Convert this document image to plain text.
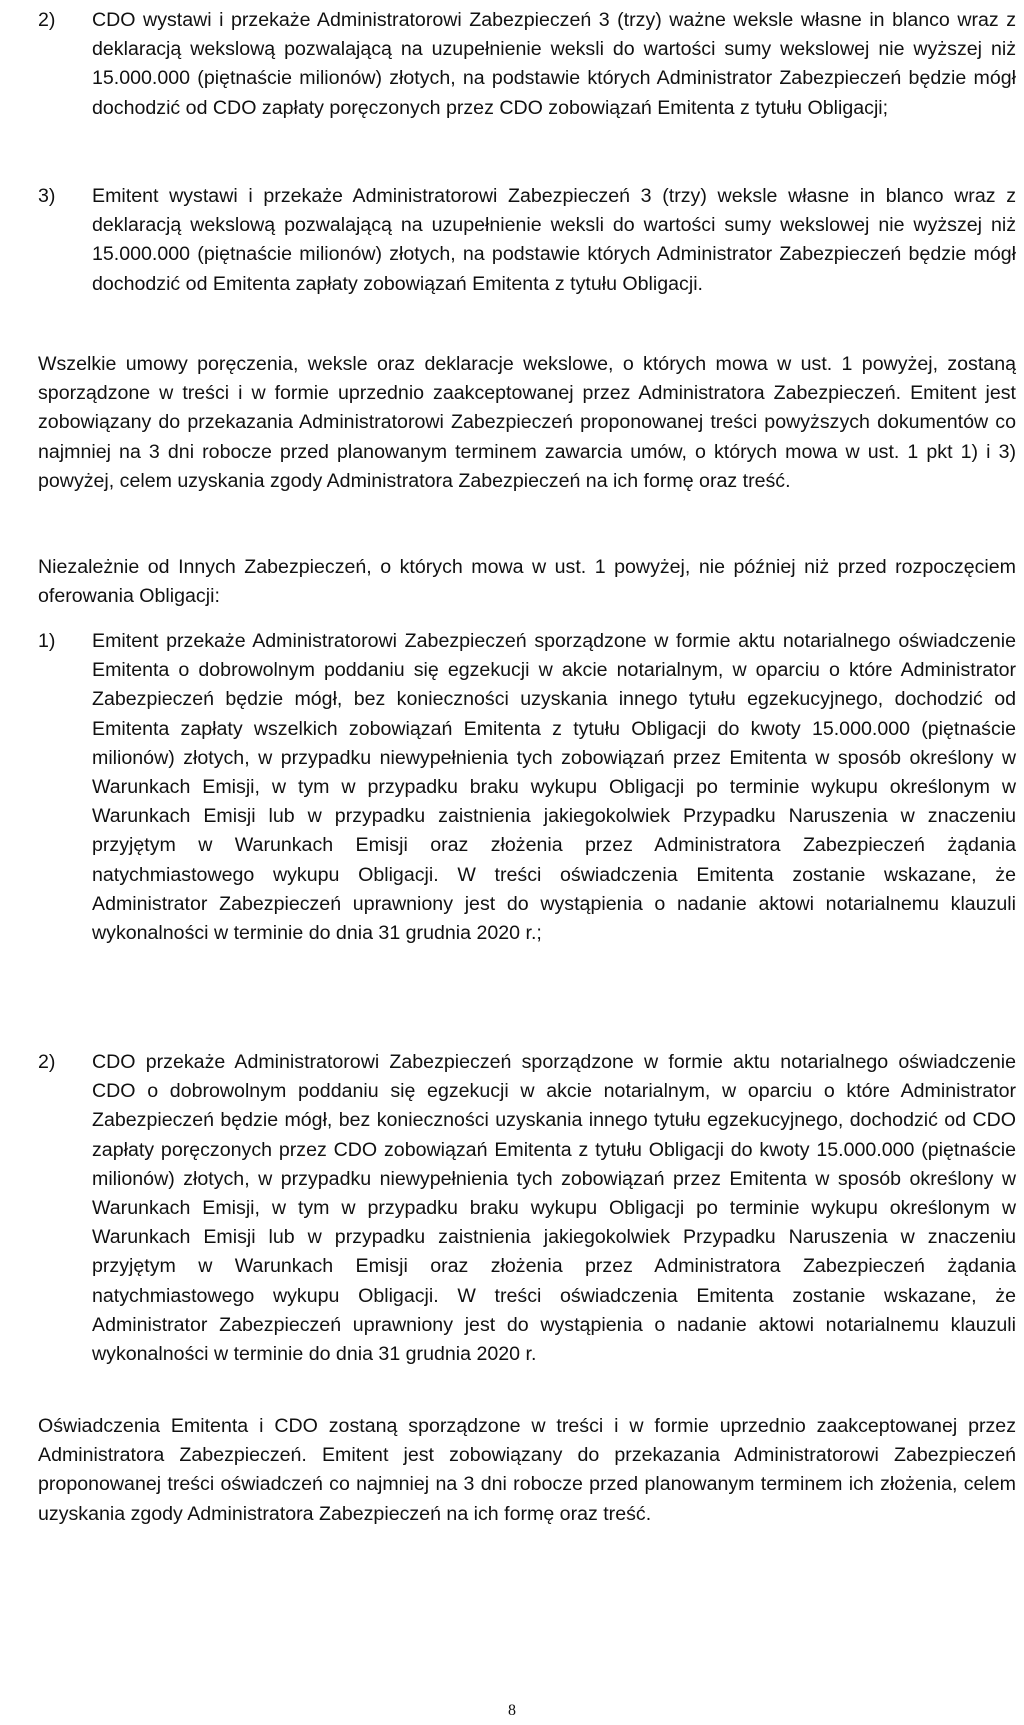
2) CDO wystawi i przekaże Administratorowi Zabezpieczeń 3 (trzy) ważne weksle własne in blanco wraz z deklaracją wekslową pozwalającą na uzupełnienie weksli do wartości sumy wekslowej nie wyższej niż 15.000.000 (piętnaście milionów) złotych, na podstawie których Administrator Zabezpieczeń będzie mógł dochodzić od CDO zapłaty poręczonych przez CDO zobowiązań Emitenta z tytułu Obligacji;
3) Emitent wystawi i przekaże Administratorowi Zabezpieczeń 3 (trzy) weksle własne in blanco wraz z deklaracją wekslową pozwalającą na uzupełnienie weksli do wartości sumy wekslowej nie wyższej niż 15.000.000 (piętnaście milionów) złotych, na podstawie których Administrator Zabezpieczeń będzie mógł dochodzić od Emitenta zapłaty zobowiązań Emitenta z tytułu Obligacji.

Wszelkie umowy poręczenia, weksle oraz deklaracje wekslowe, o których mowa w ust. 1 powyżej, zostaną sporządzone w treści i w formie uprzednio zaakceptowanej przez Administratora Zabezpieczeń. Emitent jest zobowiązany do przekazania Administratorowi Zabezpieczeń proponowanej treści powyższych dokumentów co najmniej na 3 dni robocze przed planowanym terminem zawarcia umów, o których mowa w ust. 1 pkt 1) i 3) powyżej, celem uzyskania zgody Administratora Zabezpieczeń na ich formę oraz treść.

Niezależnie od Innych Zabezpieczeń, o których mowa w ust. 1 powyżej, nie później niż przed rozpoczęciem oferowania Obligacji:

1) Emitent przekaże Administratorowi Zabezpieczeń sporządzone w formie aktu notarialnego oświadczenie Emitenta o dobrowolnym poddaniu się egzekucji w akcie notarialnym, w oparciu o które Administrator Zabezpieczeń będzie mógł, bez konieczności uzyskania innego tytułu egzekucyjnego, dochodzić od Emitenta zapłaty wszelkich zobowiązań Emitenta z tytułu Obligacji do kwoty 15.000.000 (piętnaście milionów) złotych, w przypadku niewypełnienia tych zobowiązań przez Emitenta w sposób określony w Warunkach Emisji, w tym w przypadku braku wykupu Obligacji po terminie wykupu określonym w Warunkach Emisji lub w przypadku zaistnienia jakiegokolwiek Przypadku Naruszenia w znaczeniu przyjętym w Warunkach Emisji oraz złożenia przez Administratora Zabezpieczeń żądania natychmiastowego wykupu Obligacji. W treści oświadczenia Emitenta zostanie wskazane, że Administrator Zabezpieczeń uprawniony jest do wystąpienia o nadanie aktowi notarialnemu klauzuli wykonalności w terminie do dnia 31 grudnia 2020 r.;
2) CDO przekaże Administratorowi Zabezpieczeń sporządzone w formie aktu notarialnego oświadczenie CDO o dobrowolnym poddaniu się egzekucji w akcie notarialnym, w oparciu o które Administrator Zabezpieczeń będzie mógł, bez konieczności uzyskania innego tytułu egzekucyjnego, dochodzić od CDO zapłaty poręczonych przez CDO zobowiązań Emitenta z tytułu Obligacji do kwoty 15.000.000 (piętnaście milionów) złotych, w przypadku niewypełnienia tych zobowiązań przez Emitenta w sposób określony w Warunkach Emisji, w tym w przypadku braku wykupu Obligacji po terminie wykupu określonym w Warunkach Emisji lub w przypadku zaistnienia jakiegokolwiek Przypadku Naruszenia w znaczeniu przyjętym w Warunkach Emisji oraz złożenia przez Administratora Zabezpieczeń żądania natychmiastowego wykupu Obligacji. W treści oświadczenia Emitenta zostanie wskazane, że Administrator Zabezpieczeń uprawniony jest do wystąpienia o nadanie aktowi notarialnemu klauzuli wykonalności w terminie do dnia 31 grudnia 2020 r.

Oświadczenia Emitenta i CDO zostaną sporządzone w treści i w formie uprzednio zaakceptowanej przez Administratora Zabezpieczeń. Emitent jest zobowiązany do przekazania Administratorowi Zabezpieczeń proponowanej treści oświadczeń co najmniej na 3 dni robocze przed planowanym terminem ich złożenia, celem uzyskania zgody Administratora Zabezpieczeń na ich formę oraz treść.

8
